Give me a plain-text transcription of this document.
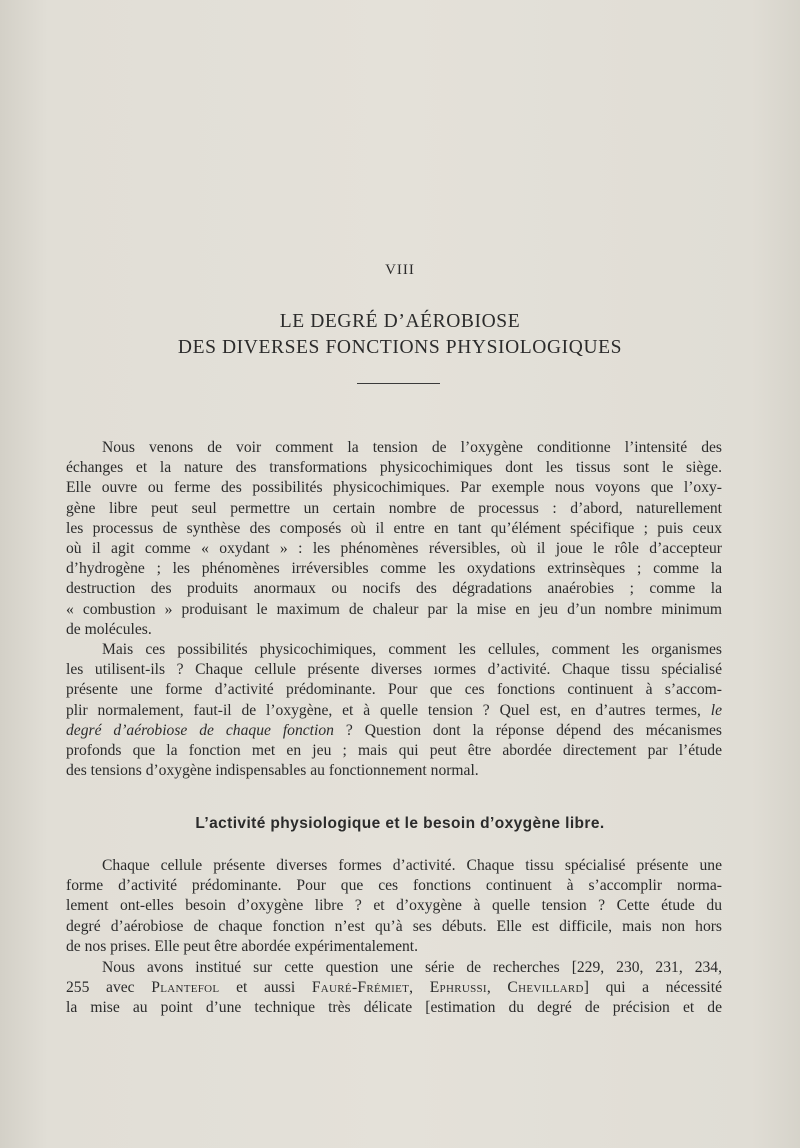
VIII
LE DEGRÉ D’AÉROBIOSE
DES DIVERSES FONCTIONS PHYSIOLOGIQUES
Nous venons de voir comment la tension de l’oxygène conditionne l’intensité des
échanges et la nature des transformations physicochimiques dont les tissus sont le siège.
Elle ouvre ou ferme des possibilités physicochimiques. Par exemple nous voyons que l’oxy-
gène libre peut seul permettre un certain nombre de processus : d’abord, naturellement
les processus de synthèse des composés où il entre en tant qu’élément spécifique ; puis ceux
où il agit comme « oxydant » : les phénomènes réversibles, où il joue le rôle d’accepteur
d’hydrogène ; les phénomènes irréversibles comme les oxydations extrinsèques ; comme la
destruction des produits anormaux ou nocifs des dégradations anaérobies ; comme la
« combustion » produisant le maximum de chaleur par la mise en jeu d’un nombre minimum
de molécules.
Mais ces possibilités physicochimiques, comment les cellules, comment les organismes
les utilisent-ils ? Chaque cellule présente diverses ıormes d’activité. Chaque tissu spécialisé
présente une forme d’activité prédominante. Pour que ces fonctions continuent à s’accom-
plir normalement, faut-il de l’oxygène, et à quelle tension ? Quel est, en d’autres termes, le
degré d’aérobiose de chaque fonction ? Question dont la réponse dépend des mécanismes
profonds que la fonction met en jeu ; mais qui peut être abordée directement par l’étude
des tensions d’oxygène indispensables au fonctionnement normal.
L’activité physiologique et le besoin d’oxygène libre.
Chaque cellule présente diverses formes d’activité. Chaque tissu spécialisé présente une
forme d’activité prédominante. Pour que ces fonctions continuent à s’accomplir norma-
lement ont-elles besoin d’oxygène libre ? et d’oxygène à quelle tension ? Cette étude du
degré d’aérobiose de chaque fonction n’est qu’à ses débuts. Elle est difficile, mais non hors
de nos prises. Elle peut être abordée expérimentalement.
Nous avons institué sur cette question une série de recherches [229, 230, 231, 234,
255 avec Plantefol et aussi Fauré-Frémiet, Ephrussi, Chevillard] qui a nécessité
la mise au point d’une technique très délicate [estimation du degré de précision et de
